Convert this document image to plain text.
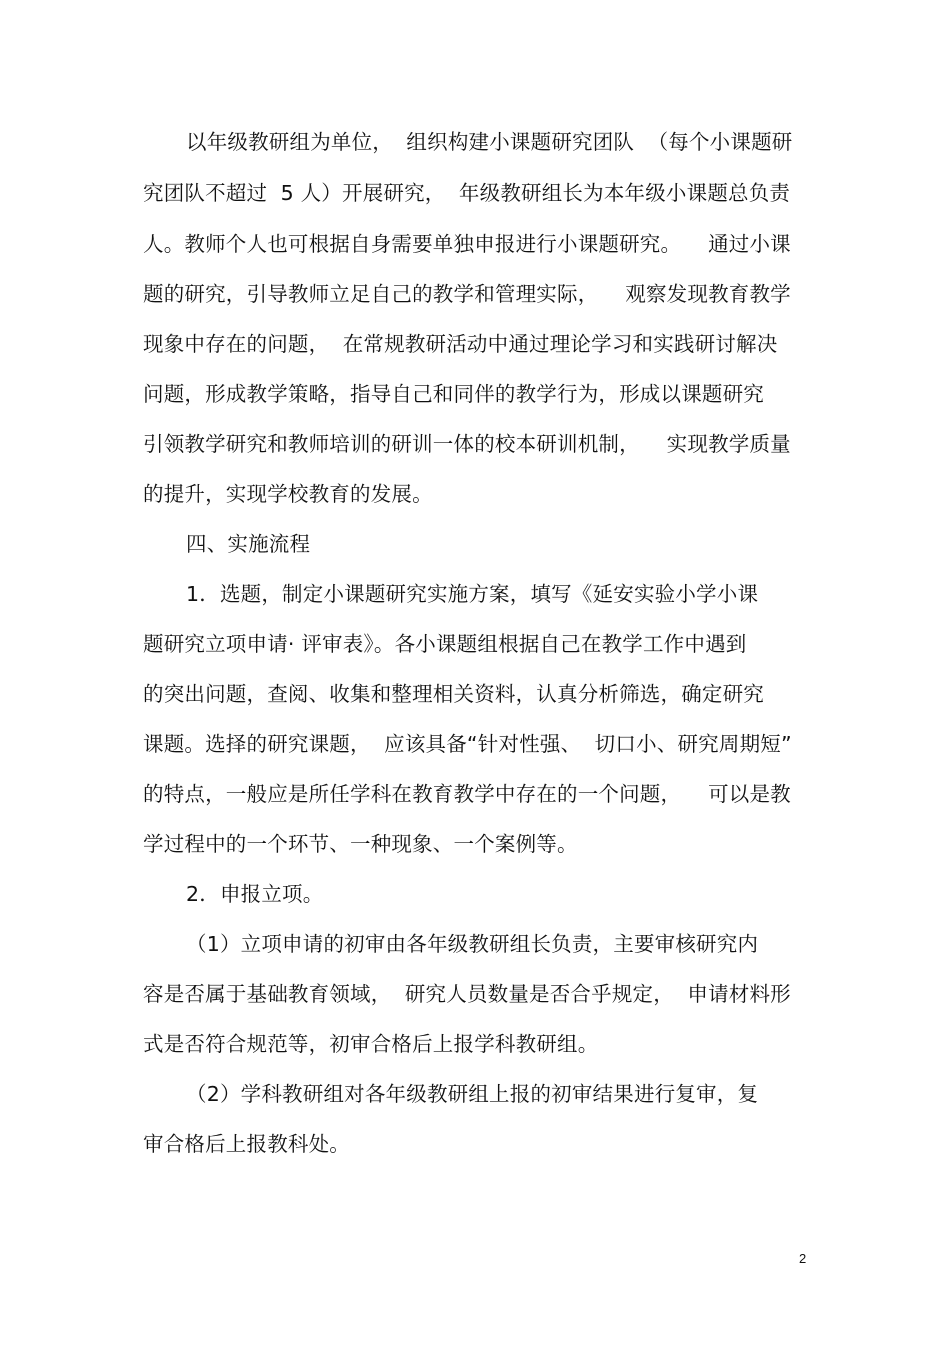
以年级教研组为单位，  组织构建小课题研究团队  （每个小课题研
究团队不超过  5 人）开展研究，  年级教研组长为本年级小课题总负责
人。教师个人也可根据自身需要单独申报进行小课题研究。    通过小课
题的研究，引导教师立足自己的教学和管理实际，    观察发现教育教学
现象中存在的问题，  在常规教研活动中通过理论学习和实践研讨解决
问题，形成教学策略，指导自己和同伴的教学行为，形成以课题研究
引领教学研究和教师培训的研训一体的校本研训机制，    实现教学质量
的提升，实现学校教育的发展。
四、实施流程
1．选题，制定小课题研究实施方案，填写《延安实验小学小课
题研究立项申请· 评审表》。各小课题组根据自己在教学工作中遇到
的突出问题，查阅、收集和整理相关资料，认真分析筛选，确定研究
课题。选择的研究课题，  应该具备“针对性强、  切口小、研究周期短”
的特点，一般应是所任学科在教育教学中存在的一个问题，    可以是教
学过程中的一个环节、一种现象、一个案例等。
2．申报立项。
（1）立项申请的初审由各年级教研组长负责，主要审核研究内
容是否属于基础教育领域，  研究人员数量是否合乎规定，  申请材料形
式是否符合规范等，初审合格后上报学科教研组。
（2）学科教研组对各年级教研组上报的初审结果进行复审，复
审合格后上报教科处。
2
